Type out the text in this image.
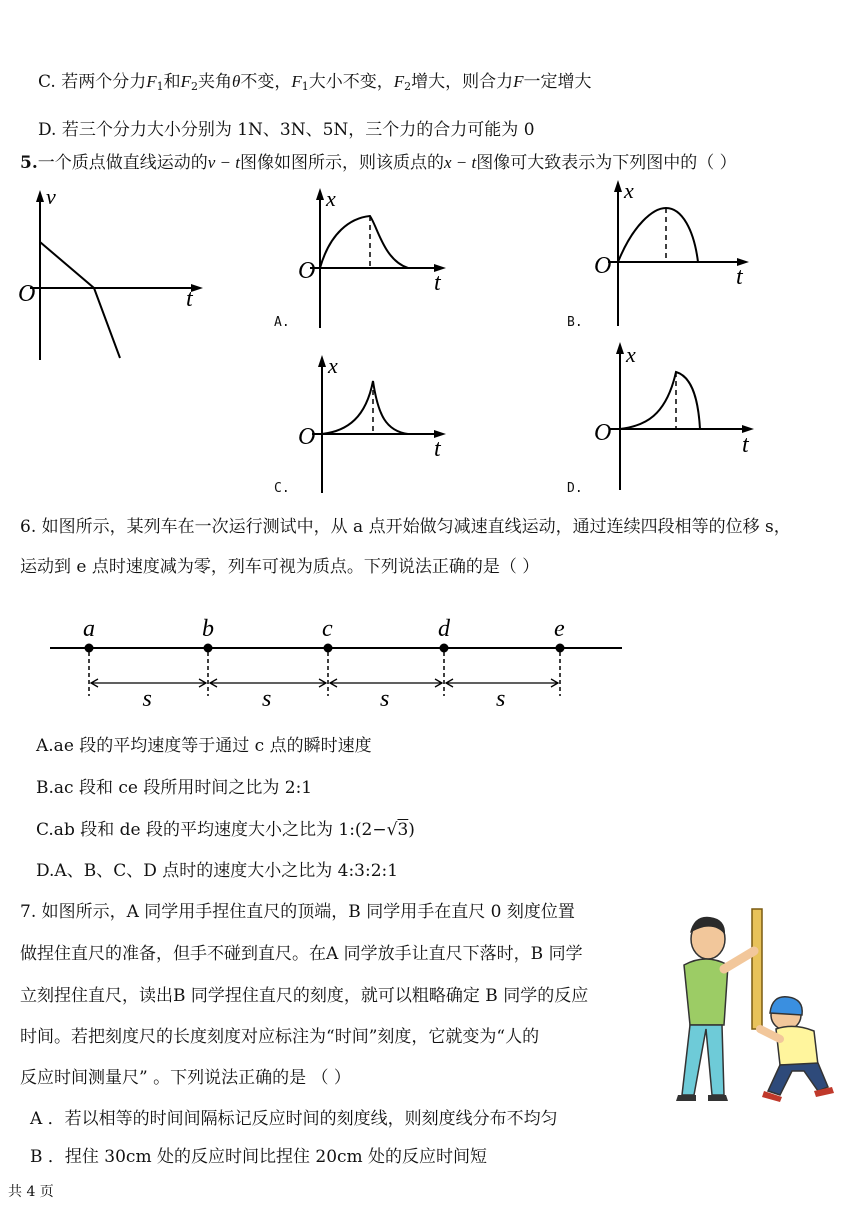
C. 若两个分力$F_1$和$F_2$夹角θ不变，$F_1$大小不变，$F_2$增大，则合力F一定增大
D. 若三个分力大小分别为 1N、3N、5N，三个力的合力可能为 0
5.一个质点做直线运动的v − t图像如图所示，则该质点的x − t图像可大致表示为下列图中的（ ）
v
O	t
x
O	t
A.
x
O	t
B.
x
O	t
C.
x
O	t
D.
6. 如图所示，某列车在一次运行测试中，从 a 点开始做匀减速直线运动，通过连续四段相等的位移 s，
运动到 e 点时速度减为零，列车可视为质点。下列说法正确的是（ ）
a	b	c	d	e
s	s	s	s
A.ae 段的平均速度等于通过 c 点的瞬时速度
B.ac 段和 ce 段所用时间之比为 2:1
C.ab 段和 de 段的平均速度大小之比为 1:(2−√3)
D.A、B、C、D 点时的速度大小之比为 4:3:2:1
7. 如图所示，A 同学用手捏住直尺的顶端，B 同学用手在直尺 0 刻度位置
做捏住直尺的准备，但手不碰到直尺。在A 同学放手让直尺下落时，B 同学
立刻捏住直尺，读出B 同学捏住直尺的刻度，就可以粗略确定 B 同学的反应
时间。若把刻度尺的长度刻度对应标注为“时间”刻度，它就变为“人的
反应时间测量尺” 。下列说法正确的是 （ ）
A ．若以相等的时间间隔标记反应时间的刻度线，则刻度线分布不均匀
B ．捏住 30cm 处的反应时间比捏住 20cm 处的反应时间短
共 4 页
